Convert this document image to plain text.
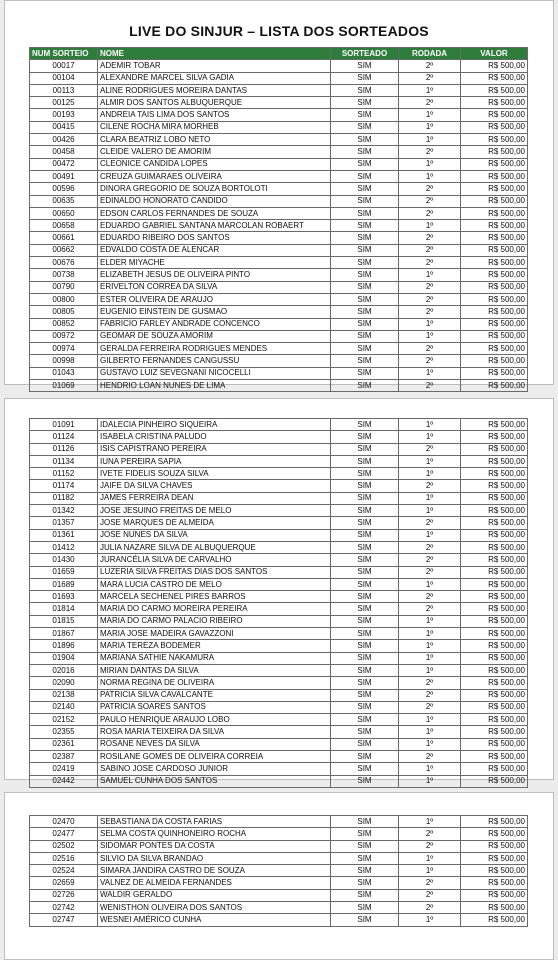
LIVE DO SINJUR – LISTA DOS SORTEADOS
NUM SORTEIO	NOME	SORTEADO	RODADA	VALOR
00017	ADEMIR TOBAR	SIM	2º	R$ 500,00
00104	ALEXANDRE MARCEL SILVA GADIA	SIM	2º	R$ 500,00
00113	ALINE RODRIGUES MOREIRA DANTAS	SIM	1º	R$ 500,00
00125	ALMIR DOS SANTOS ALBUQUERQUE	SIM	2º	R$ 500,00
00193	ANDREIA TAIS LIMA DOS SANTOS	SIM	1º	R$ 500,00
00415	CILENE ROCHA MIRA MORHEB	SIM	1º	R$ 500,00
00426	CLARA BEATRIZ LOBO NETO	SIM	1º	R$ 500,00
00458	CLEIDE VALERO DE AMORIM	SIM	2º	R$ 500,00
00472	CLEONICE CANDIDA LOPES	SIM	1º	R$ 500,00
00491	CREUZA GUIMARAES OLIVEIRA	SIM	1º	R$ 500,00
00596	DINORA GREGORIO DE SOUZA BORTOLOTI	SIM	2º	R$ 500,00
00635	EDINALDO HONORATO CANDIDO	SIM	2º	R$ 500,00
00650	EDSON CARLOS FERNANDES DE SOUZA	SIM	2º	R$ 500,00
00658	EDUARDO GABRIEL SANTANA MARCOLAN ROBAERT	SIM	1º	R$ 500,00
00661	EDUARDO RIBEIRO DOS SANTOS	SIM	2º	R$ 500,00
00662	EDVALDO COSTA DE ALENCAR	SIM	2º	R$ 500,00
00676	ELDER MIYACHE	SIM	2º	R$ 500,00
00738	ELIZABETH JESUS DE OLIVEIRA PINTO	SIM	1º	R$ 500,00
00790	ERIVELTON CORREA DA SILVA	SIM	2º	R$ 500,00
00800	ESTER OLIVEIRA DE ARAUJO	SIM	2º	R$ 500,00
00805	EUGENIO EINSTEIN DE GUSMAO	SIM	2º	R$ 500,00
00852	FABRICIO FARLEY ANDRADE CONCENCO	SIM	1º	R$ 500,00
00972	GEOMAR DE SOUZA AMORIM	SIM	1º	R$ 500,00
00974	GERALDA FERREIRA RODRIGUES MENDES	SIM	2º	R$ 500,00
00998	GILBERTO FERNANDES CANGUSSU	SIM	2º	R$ 500,00
01043	GUSTAVO LUIZ SEVEGNANI NICOCELLI	SIM	1º	R$ 500,00
01069	HENDRIO LOAN NUNES DE LIMA	SIM	2º	R$ 500,00
01091	IDALECIA PINHEIRO SIQUEIRA	SIM	1º	R$ 500,00
01124	ISABELA CRISTINA PALUDO	SIM	1º	R$ 500,00
01126	ISIS CAPISTRANO PEREIRA	SIM	2º	R$ 500,00
01134	IUNA PEREIRA SAPIA	SIM	1º	R$ 500,00
01152	IVETE FIDELIS SOUZA SILVA	SIM	1º	R$ 500,00
01174	JAIFE DA SILVA CHAVES	SIM	2º	R$ 500,00
01182	JAMES FERREIRA DEAN	SIM	1º	R$ 500,00
01342	JOSE JESUINO FREITAS DE MELO	SIM	1º	R$ 500,00
01357	JOSE MARQUES DE ALMEIDA	SIM	2º	R$ 500,00
01361	JOSE NUNES DA SILVA	SIM	1º	R$ 500,00
01412	JULIA NAZARE SILVA DE ALBUQUERQUE	SIM	2º	R$ 500,00
01430	JURANCÉLIA SILVA DE CARVALHO	SIM	2º	R$ 500,00
01659	LUZERIA SILVA FREITAS DIAS DOS SANTOS	SIM	2º	R$ 500,00
01689	MARA LUCIA CASTRO DE MELO	SIM	1º	R$ 500,00
01693	MARCELA SECHENEL PIRES BARROS	SIM	2º	R$ 500,00
01814	MARIA DO CARMO MOREIRA PEREIRA	SIM	2º	R$ 500,00
01815	MARIA DO CARMO PALACIO RIBEIRO	SIM	1º	R$ 500,00
01867	MARIA JOSE MADEIRA GAVAZZONI	SIM	1º	R$ 500,00
01896	MARIA TEREZA BODEMER	SIM	1º	R$ 500,00
01904	MARIANA SATHIE NAKAMURA	SIM	1º	R$ 500,00
02016	MIRIAN DANTAS DA SILVA	SIM	1º	R$ 500,00
02090	NORMA REGINA DE OLIVEIRA	SIM	2º	R$ 500,00
02138	PATRICIA SILVA CAVALCANTE	SIM	2º	R$ 500,00
02140	PATRICIA SOARES SANTOS	SIM	2º	R$ 500,00
02152	PAULO HENRIQUE ARAUJO LOBO	SIM	1º	R$ 500,00
02355	ROSA MARIA TEIXEIRA DA SILVA	SIM	1º	R$ 500,00
02361	ROSANE NEVES DA SILVA	SIM	1º	R$ 500,00
02387	ROSILANE GOMES DE OLIVEIRA CORREIA	SIM	2º	R$ 500,00
02419	SABINO JOSE CARDOSO JUNIOR	SIM	1º	R$ 500,00
02442	SAMUEL CUNHA DOS SANTOS	SIM	1º	R$ 500,00
02470	SEBASTIANA DA COSTA FARIAS	SIM	1º	R$ 500,00
02477	SELMA COSTA QUINHONEIRO ROCHA	SIM	2º	R$ 500,00
02502	SIDOMAR PONTES DA COSTA	SIM	2º	R$ 500,00
02516	SILVIO DA SILVA BRANDAO	SIM	1º	R$ 500,00
02524	SIMARA JANDIRA CASTRO DE SOUZA	SIM	1º	R$ 500,00
02659	VALNEZ DE ALMEIDA FERNANDES	SIM	2º	R$ 500,00
02726	WALDIR GERALDO	SIM	2º	R$ 500,00
02742	WENISTHON OLIVEIRA DOS SANTOS	SIM	2º	R$ 500,00
02747	WESNEI AMÉRICO CUNHA	SIM	1º	R$ 500,00
